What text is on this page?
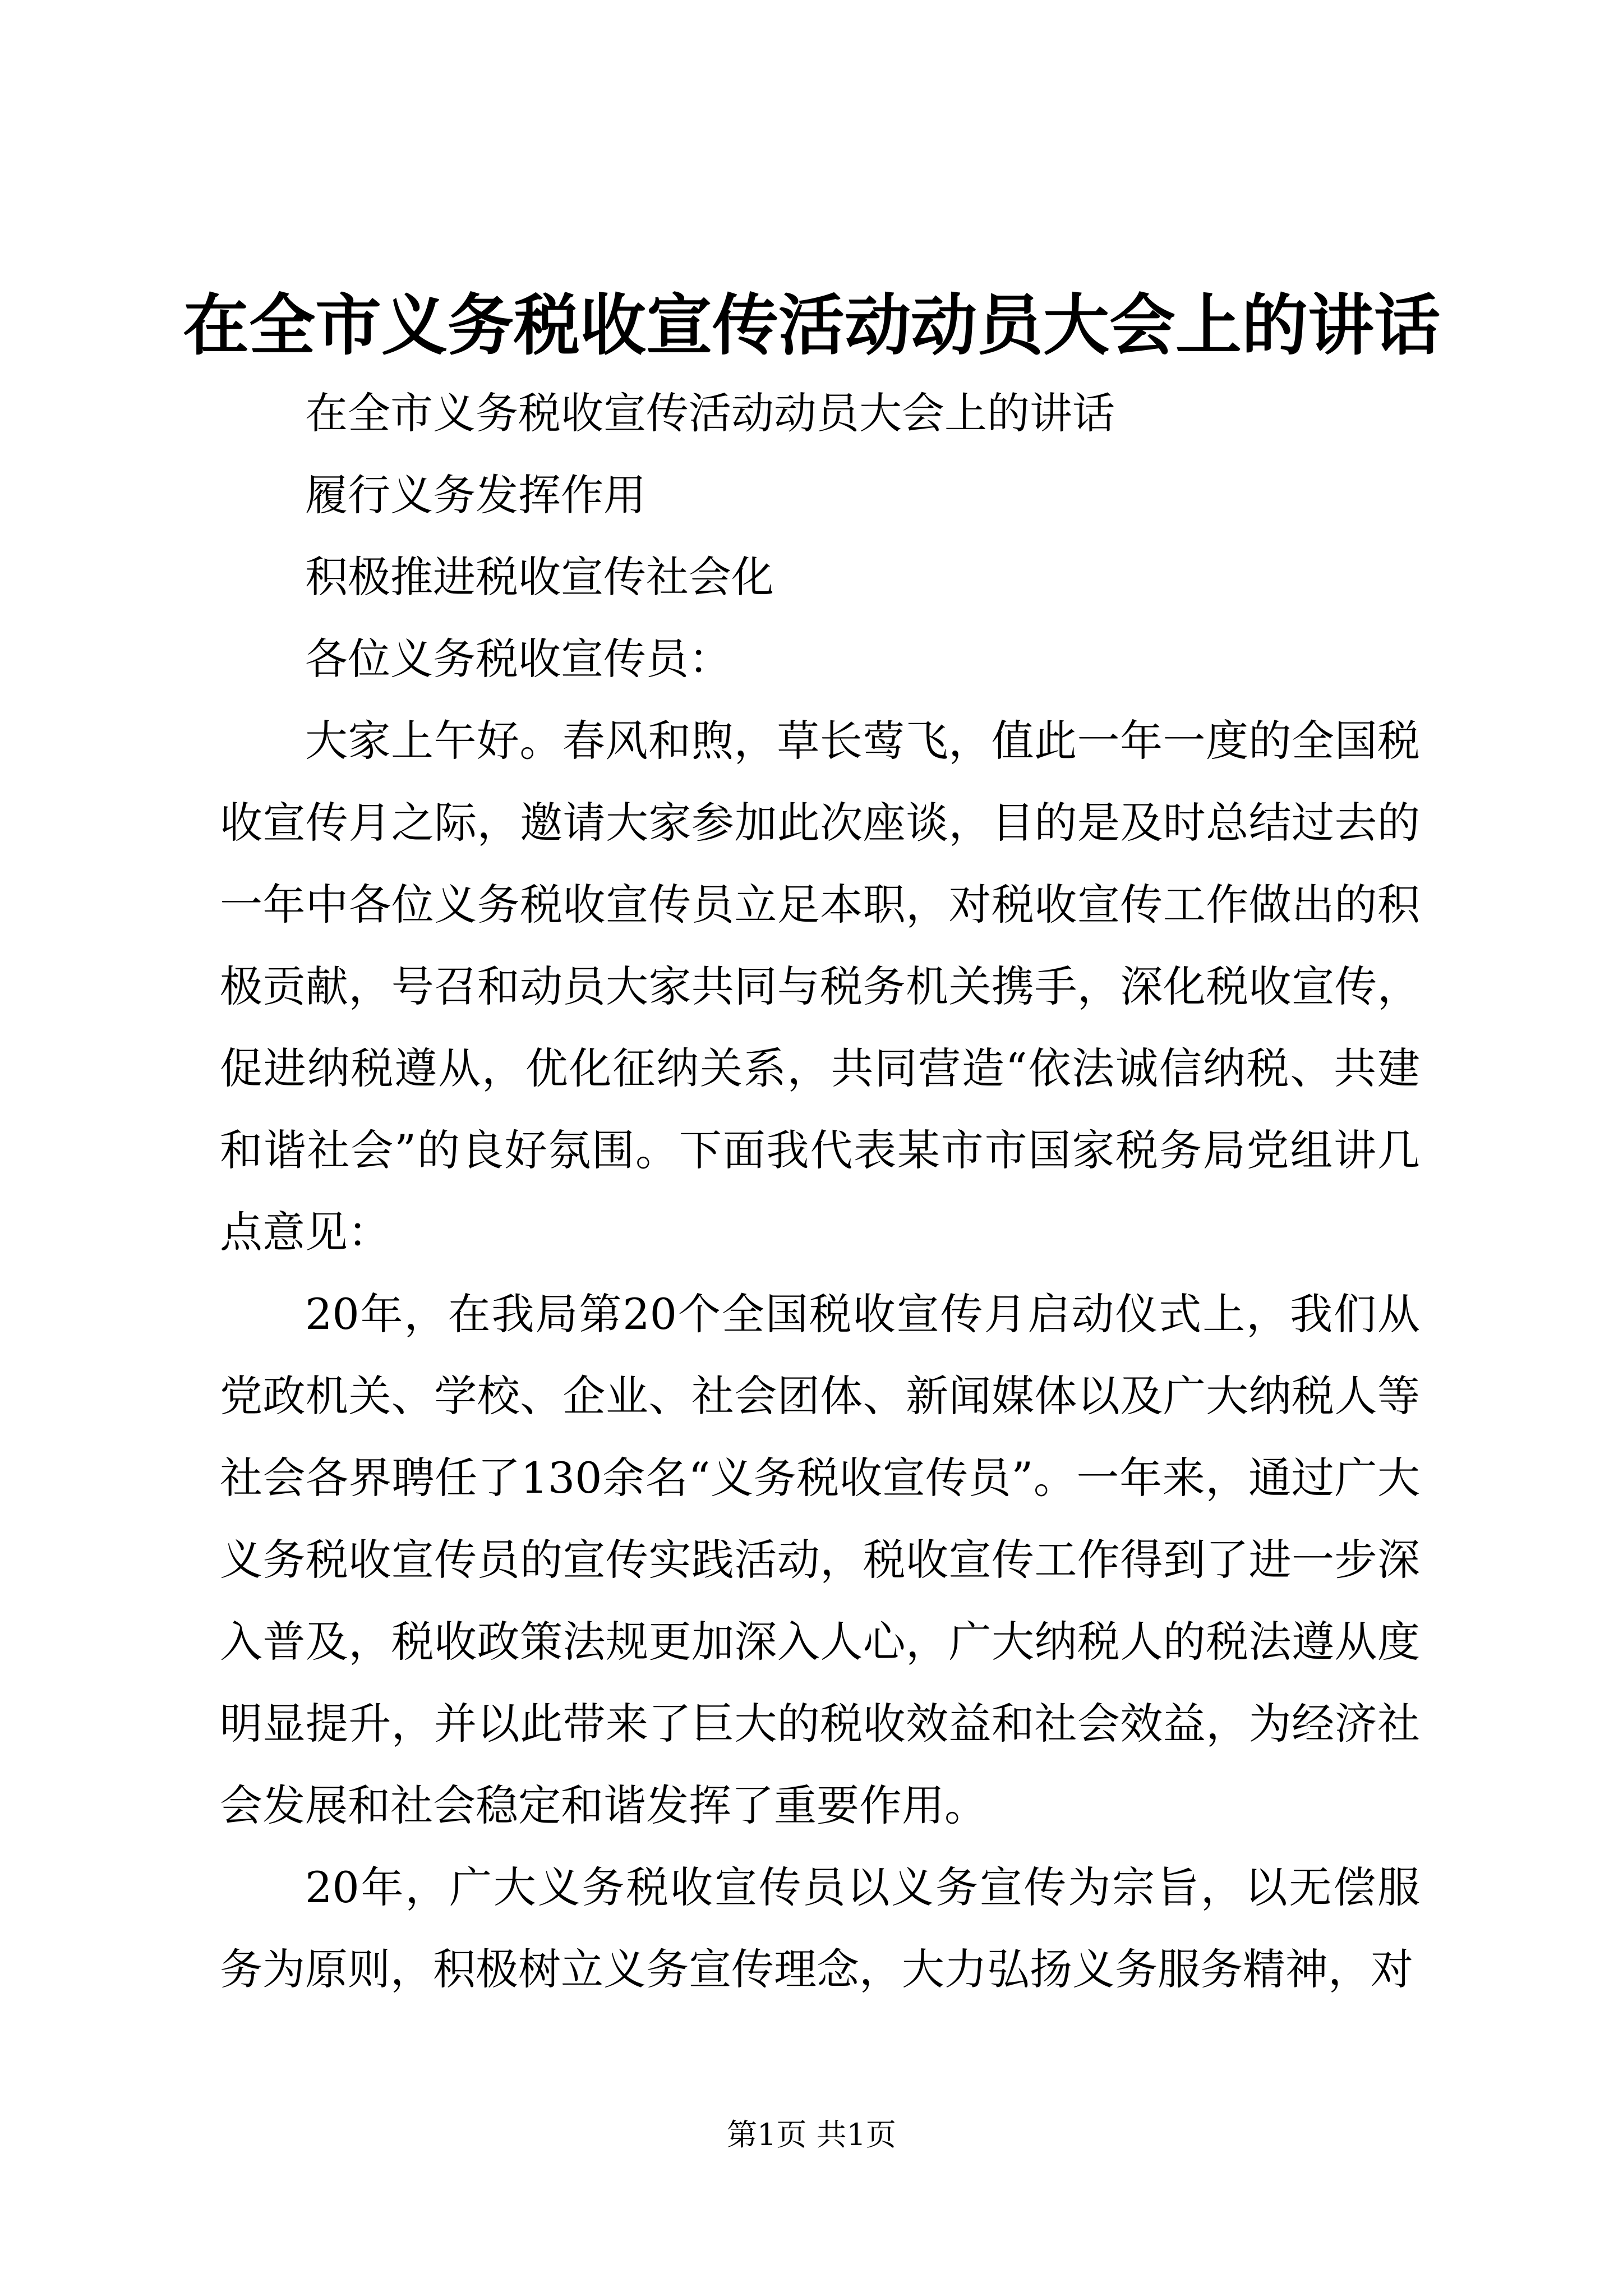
在全市义务税收宣传活动动员大会上的讲话

在全市义务税收宣传活动动员大会上的讲话

履行义务发挥作用

积极推进税收宣传社会化

各位义务税收宣传员：

大家上午好。春风和煦，草长莺飞，值此一年一度的全国税收宣传月之际，邀请大家参加此次座谈，目的是及时总结过去的一年中各位义务税收宣传员立足本职，对税收宣传工作做出的积极贡献，号召和动员大家共同与税务机关携手，深化税收宣传，促进纳税遵从，优化征纳关系，共同营造“依法诚信纳税、共建和谐社会”的良好氛围。下面我代表某市市国家税务局党组讲几点意见：

20年，在我局第20个全国税收宣传月启动仪式上，我们从党政机关、学校、企业、社会团体、新闻媒体以及广大纳税人等社会各界聘任了130余名“义务税收宣传员”。一年来，通过广大义务税收宣传员的宣传实践活动，税收宣传工作得到了进一步深入普及，税收政策法规更加深入人心，广大纳税人的税法遵从度明显提升，并以此带来了巨大的税收效益和社会效益，为经济社会发展和社会稳定和谐发挥了重要作用。

20年，广大义务税收宣传员以义务宣传为宗旨，以无偿服务为原则，积极树立义务宣传理念，大力弘扬义务服务精神，对

第1页 共1页
